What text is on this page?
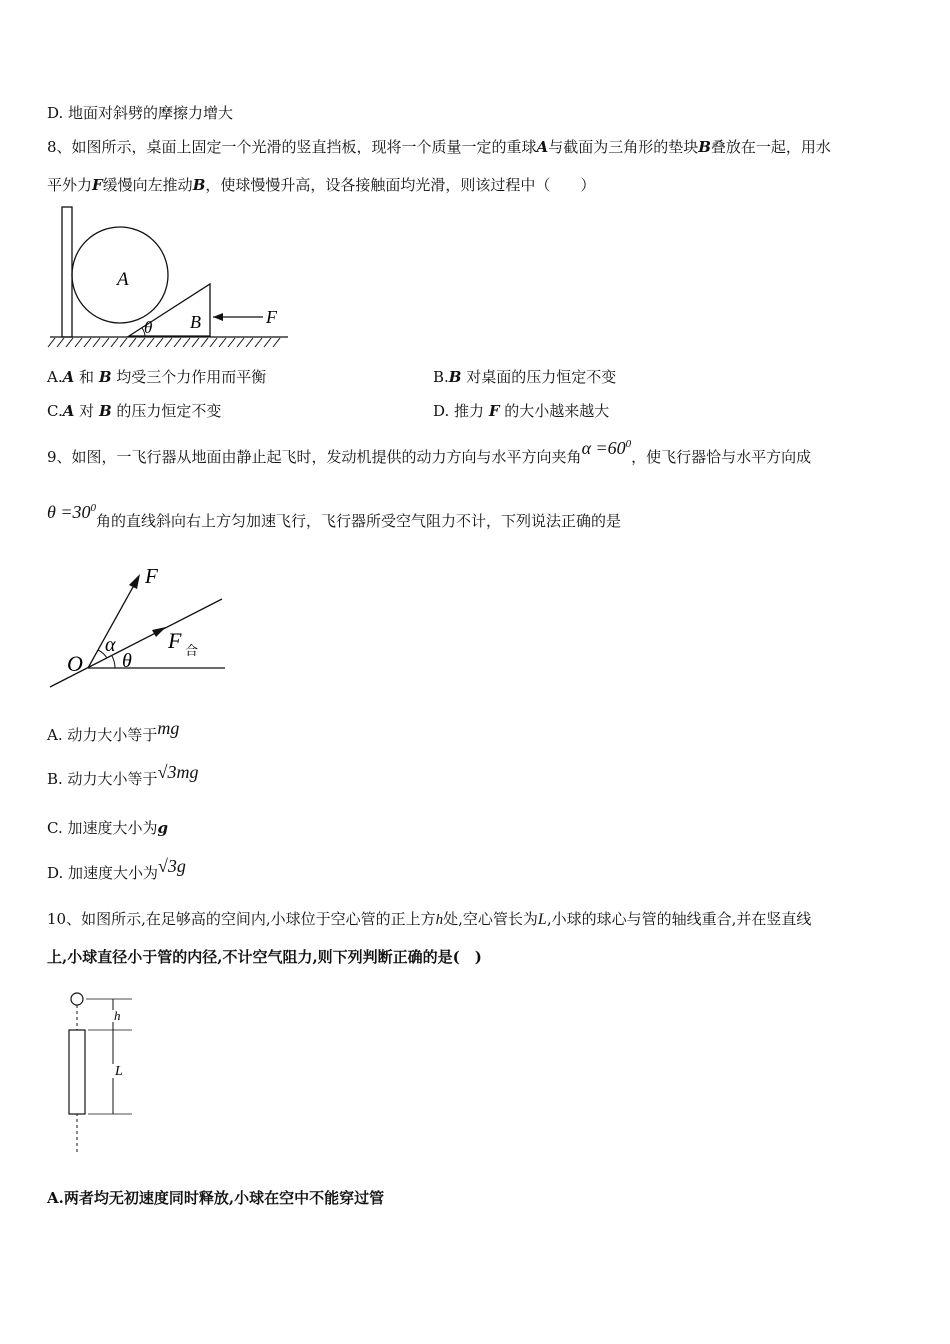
D. 地面对斜劈的摩擦力增大
8、如图所示，桌面上固定一个光滑的竖直挡板，现将一个质量一定的重球A与截面为三角形的垫块B叠放在一起，用水
平外力F缓慢向左推动B，使球慢慢升高，设各接触面均光滑，则该过程中（　　）
A
B
θ
F
A.A 和 B 均受三个力作用而平衡	B.B 对桌面的压力恒定不变
C.A 对 B 的压力恒定不变	D. 推力 F 的大小越来越大
9、如图，一飞行器从地面由静止起飞时，发动机提供的动力方向与水平方向夹角$\alpha =60^0$，使飞行器恰与水平方向成
$\theta =30^0$角的直线斜向右上方匀加速飞行，飞行器所受空气阻力不计，下列说法正确的是
F
O
α
θ
F 合
A. 动力大小等于mg
B. 动力大小等于√3mg
C. 加速度大小为g
D. 加速度大小为√3g
10、如图所示,在足够高的空间内,小球位于空心管的正上方h处,空心管长为L,小球的球心与管的轴线重合,并在竖直线
上,小球直径小于管的内径,不计空气阻力,则下列判断正确的是(　)
h
L
A.两者均无初速度同时释放,小球在空中不能穿过管
